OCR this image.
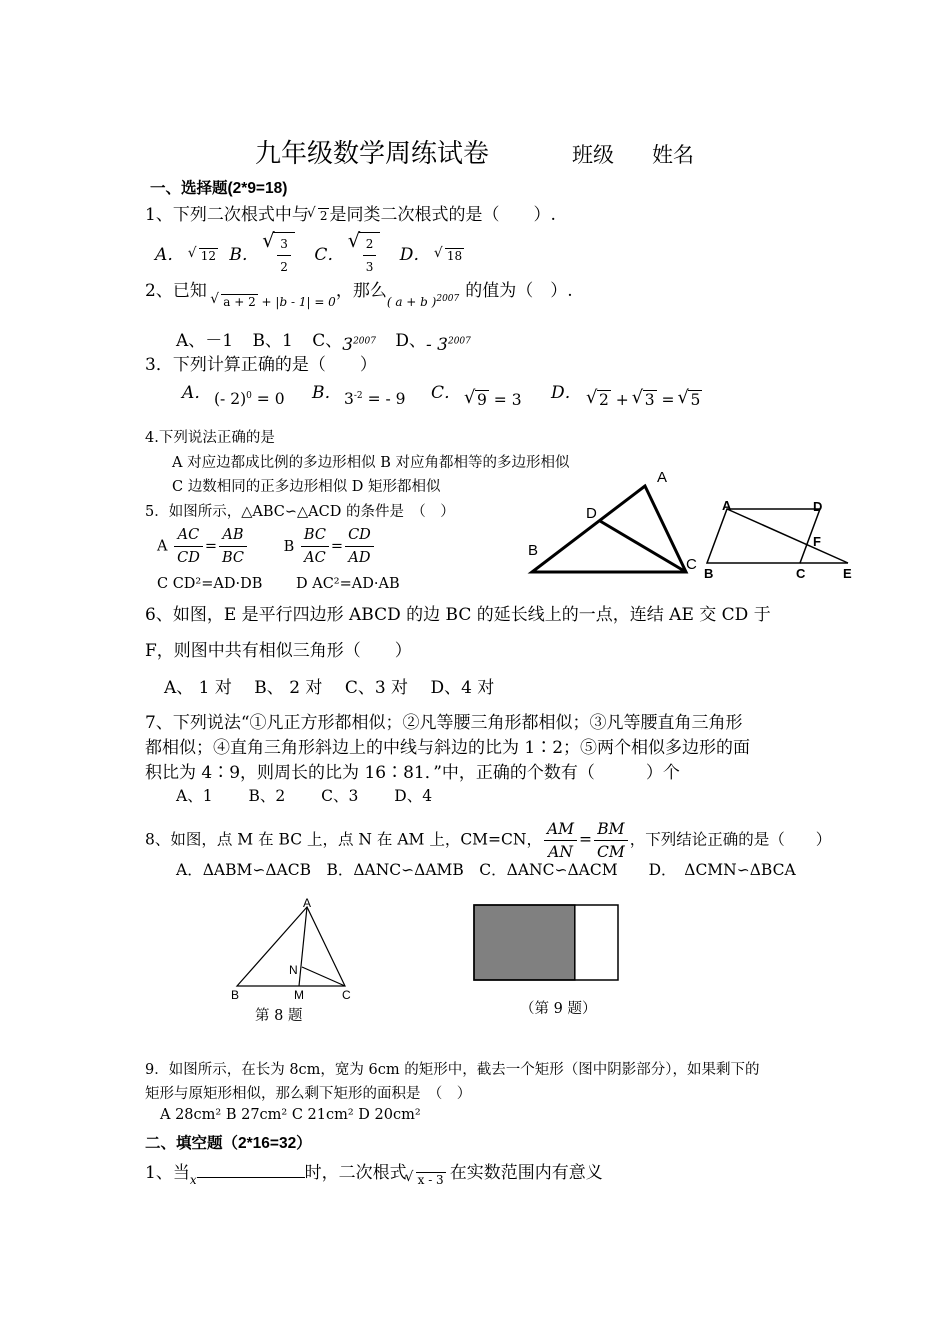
九年级数学周练试卷	班级 姓名
一、选择题(2*9=18)
1、下列二次根式中与 √ 2 是同类二次根式的是（　　）.
A． √ 12 B． √ $\frac{3}{2}$ C． √ $\frac{2}{3}$ D． √ 18
2、已知 √ $_{a + 2 + |b - 1| = 0}$，那么$_{( a + b )^{2007}}$ 的值为（　）.
A、－1 B、1 C、$3^{2007}$ D、- $3^{2007}$
3．下列计算正确的是（　　）
A． (- 2)$^0$ = 0 B． $3^{-2}$ = - 9 C．	√ 9 = 3 D．	√ 2 + √ 3 = √ 5
4.下列说法正确的是
A 对应边都成比例的多边形相似 B 对应角都相等的多边形相似
C 边数相同的正多边形相似 D 矩形都相似
5．如图所示，△ABC∽△ACD 的条件是　（　）
A $\frac{AC}{CD} = \frac{AB}{BC}$	B $\frac{BC}{AC} = \frac{CD}{AD}$
C CD²=AD·DB D AC²=AD·AB
A
B
C
D	A	D
F
B	C	E
6、如图，E 是平行四边形 ABCD 的边 BC 的延长线上的一点，连结 AE 交 CD 于
F，则图中共有相似三角形（　　）
A、 1 对　 B、 2 对　 C、3 对　 D、4 对
7、下列说法“①凡正方形都相似；②凡等腰三角形都相似；③凡等腰直角三角形
都相似；④直角三角形斜边上的中线与斜边的比为 1∶2；⑤两个相似多边形的面
积比为 4∶9，则周长的比为 16∶81．”中，正确的个数有（　　　）个
A、1　　 B、2　　 C、3　　 D、4
8、如图，点 M 在 BC 上，点 N 在 AM 上，CM=CN， $\frac{AM}{AN} = \frac{BM}{CM}$ ，下列结论正确的是（　　）
A．ΔABM∽ΔACB　B．ΔANC∽ΔAMB　C．ΔANC∽ΔACM　　D．　ΔCMN∽ΔBCA
A
B	M	C
N
第 8 题	（第 9 题）
9．如图所示，在长为 8cm，宽为 6cm 的矩形中，截去一个矩形（图中阴影部分），如果剩下的
矩形与原矩形相似，那么剩下矩形的面积是　（　）
A 28cm² B 27cm² C 21cm² D 20cm²
二、填空题（2*16=32）
1、当$_x$	时，二次根式 √ x - 3 在实数范围内有意义
